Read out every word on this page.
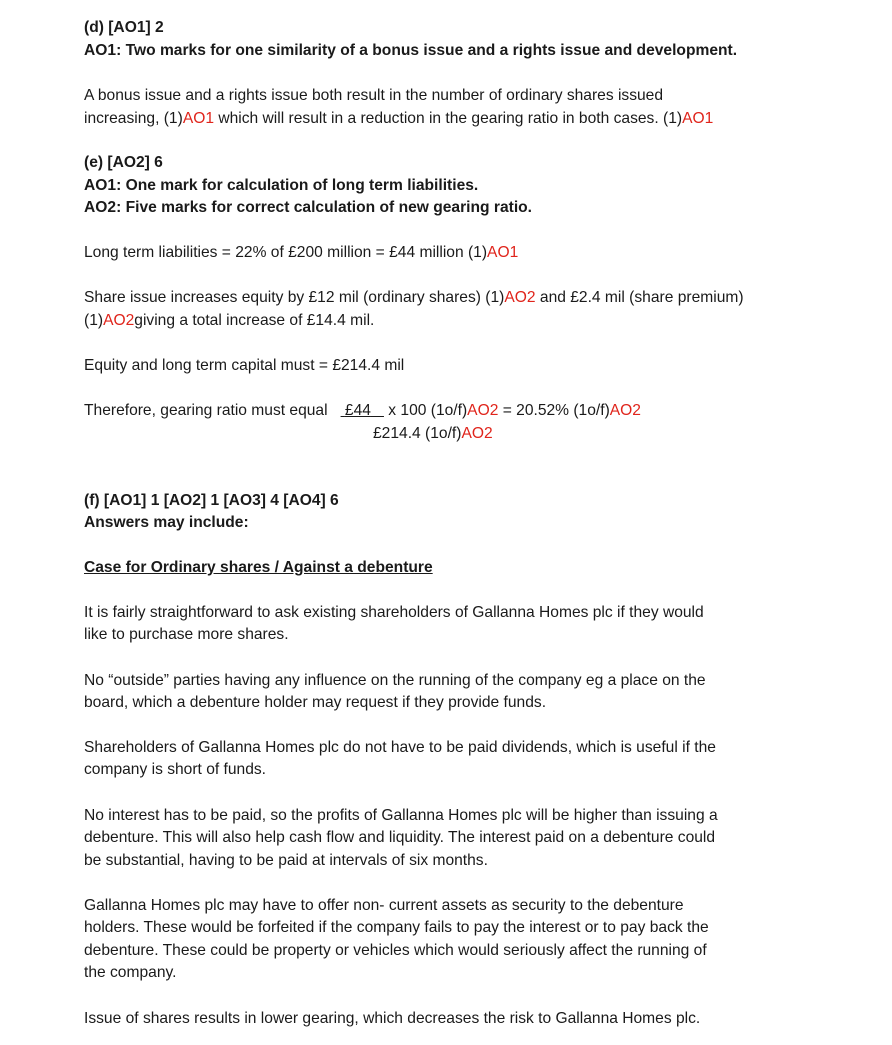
(d) [AO1] 2
AO1: Two marks for one similarity of a bonus issue and a rights issue and development.
A bonus issue and a rights issue both result in the number of ordinary shares issued
increasing, (1)AO1 which will result in a reduction in the gearing ratio in both cases. (1)AO1
(e) [AO2] 6
AO1: One mark for calculation of long term liabilities.
AO2: Five marks for correct calculation of new gearing ratio.
Long term liabilities = 22% of £200 million = £44 million (1)AO1
Share issue increases equity by £12 mil (ordinary shares) (1)AO2 and £2.4 mil (share premium)
(1)AO2giving a total increase of £14.4 mil.
Equity and long term capital must = £214.4 mil
Therefore, gearing ratio must equal £44    x 100 (1o/f)AO2 = 20.52% (1o/f)AO2
£214.4 (1o/f)AO2
(f) [AO1] 1 [AO2] 1 [AO3] 4 [AO4] 6
Answers may include:
Case for Ordinary shares / Against a debenture
It is fairly straightforward to ask existing shareholders of Gallanna Homes plc if they would
like to purchase more shares.
No “outside” parties having any influence on the running of the company eg a place on the
board, which a debenture holder may request if they provide funds.
Shareholders of Gallanna Homes plc do not have to be paid dividends, which is useful if the
company is short of funds.
No interest has to be paid, so the profits of Gallanna Homes plc will be higher than issuing a
debenture. This will also help cash flow and liquidity. The interest paid on a debenture could
be substantial, having to be paid at intervals of six months.
Gallanna Homes plc may have to offer non- current assets as security to the debenture
holders. These would be forfeited if the company fails to pay the interest or to pay back the
debenture. These could be property or vehicles which would seriously affect the running of
the company.
Issue of shares results in lower gearing, which decreases the risk to Gallanna Homes plc.
